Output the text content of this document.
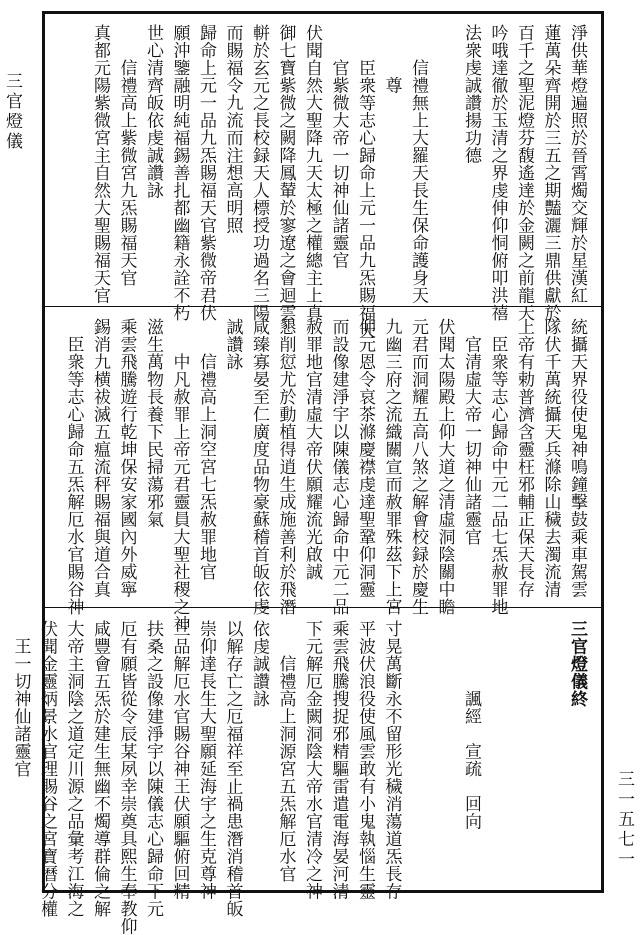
三官燈儀
三一五七一
淨供華燈遍照於晉霄燭交輝於星漢紅
蓮萬朵齊開於三五之期豔灑三鼎供獻於
百千之聖泥燈芬馥遙達於金闕之前龍天
吟哦達徹於玉清之界虔伸仰恫俯叩洪禧
法衆虔誠讚揚功德

　　信禮無上大羅天長生保命護身天
　　　尊
　　臣衆等志心歸命上元一品九炁賜福天
　　官紫微大帝一切神仙諸靈官
伏聞自然大聖降九天太極之權總主上真
御七寶紫微之闕降鳳輦於寥遼之會迴雲
軿於玄元之長校録天人標授功過名三陽
而賜福令九流而注想高明照
歸命上元一品九炁賜福天官紫微帝君伏
願沖鑒融明純福錫善扎都幽籍永詮不朽
世心清齊皈依虔誠讚詠
　　信禮高上紫微宮九炁賜福天官
真都元陽紫微宮主自然大聖賜福天官
統攝天界役使鬼神鳴鐘擊鼓乘車駕雲
隊伏千萬統攝天兵滌除山穢去濁流清
上帝有勅普濟含靈枉邪輔正保天長存
　臣衆等志心歸命中元二品七炁赦罪地
　官清虛大帝一切神仙諸靈官
伏聞太陽殿上仰大道之清虛洞陰關中瞻
元君而洞耀五高八煞之解會校録於慶生
九幽三府之流織關宣而赦罪殊茲下上宮
仰元恩令哀茶滌慶襟虔達聖鞏仰洞靈
而設像建淨宇以陳儀志心歸命中元二品
赦罪地官清虛大帝伏願耀流光啟誠
懇削愆尤於動植得逍生成施善利於飛潛
咸臻寡晏至仁廣度品物豪蘇稽首皈依虔
誠讚詠
　　信禮高上洞空宮七炁赦罪地官
　　中凡赦罪上帝元君靈員大聖社稷之神
滋生萬物長養下民掃蕩邪氣
乘雲飛騰遊行乾坤保安家國內外威寧
錫消九横祓滅五瘟流秤賜福與道合真
　臣衆等志心歸命五炁解厄水官賜谷神
三官燈儀終

　　　　諷經　宣疏　回向

寸晃萬斷永不留形光穢消蕩道炁長存
平波伏浪役使風雲敢有小鬼執惱生靈
乘雲飛騰搜捉邪精驅雷遣電海晏河清
下元解厄金闕洞陰大帝水官清冷之神
　　信禮高上洞源宮五炁解厄水官
依虔誠讚詠
以解存亡之厄福祥至止禍患潛消稽首皈
崇仰達長生大聖願延海宇之生克尊神
三品解厄水官賜谷神王伏願驅俯回精
扶桑之設像建淨宇以陳儀志心歸命下元
厄有願皆從令辰某夙幸崇奠具熙生奉教仰
咸豐會五炁於建生無幽不燭導群倫之解
大帝主洞陰之道定川源之品彙考江海之
伏聞金靈炳景水官理賜谷之宮寶曆分權
　王一切神仙諸靈官
